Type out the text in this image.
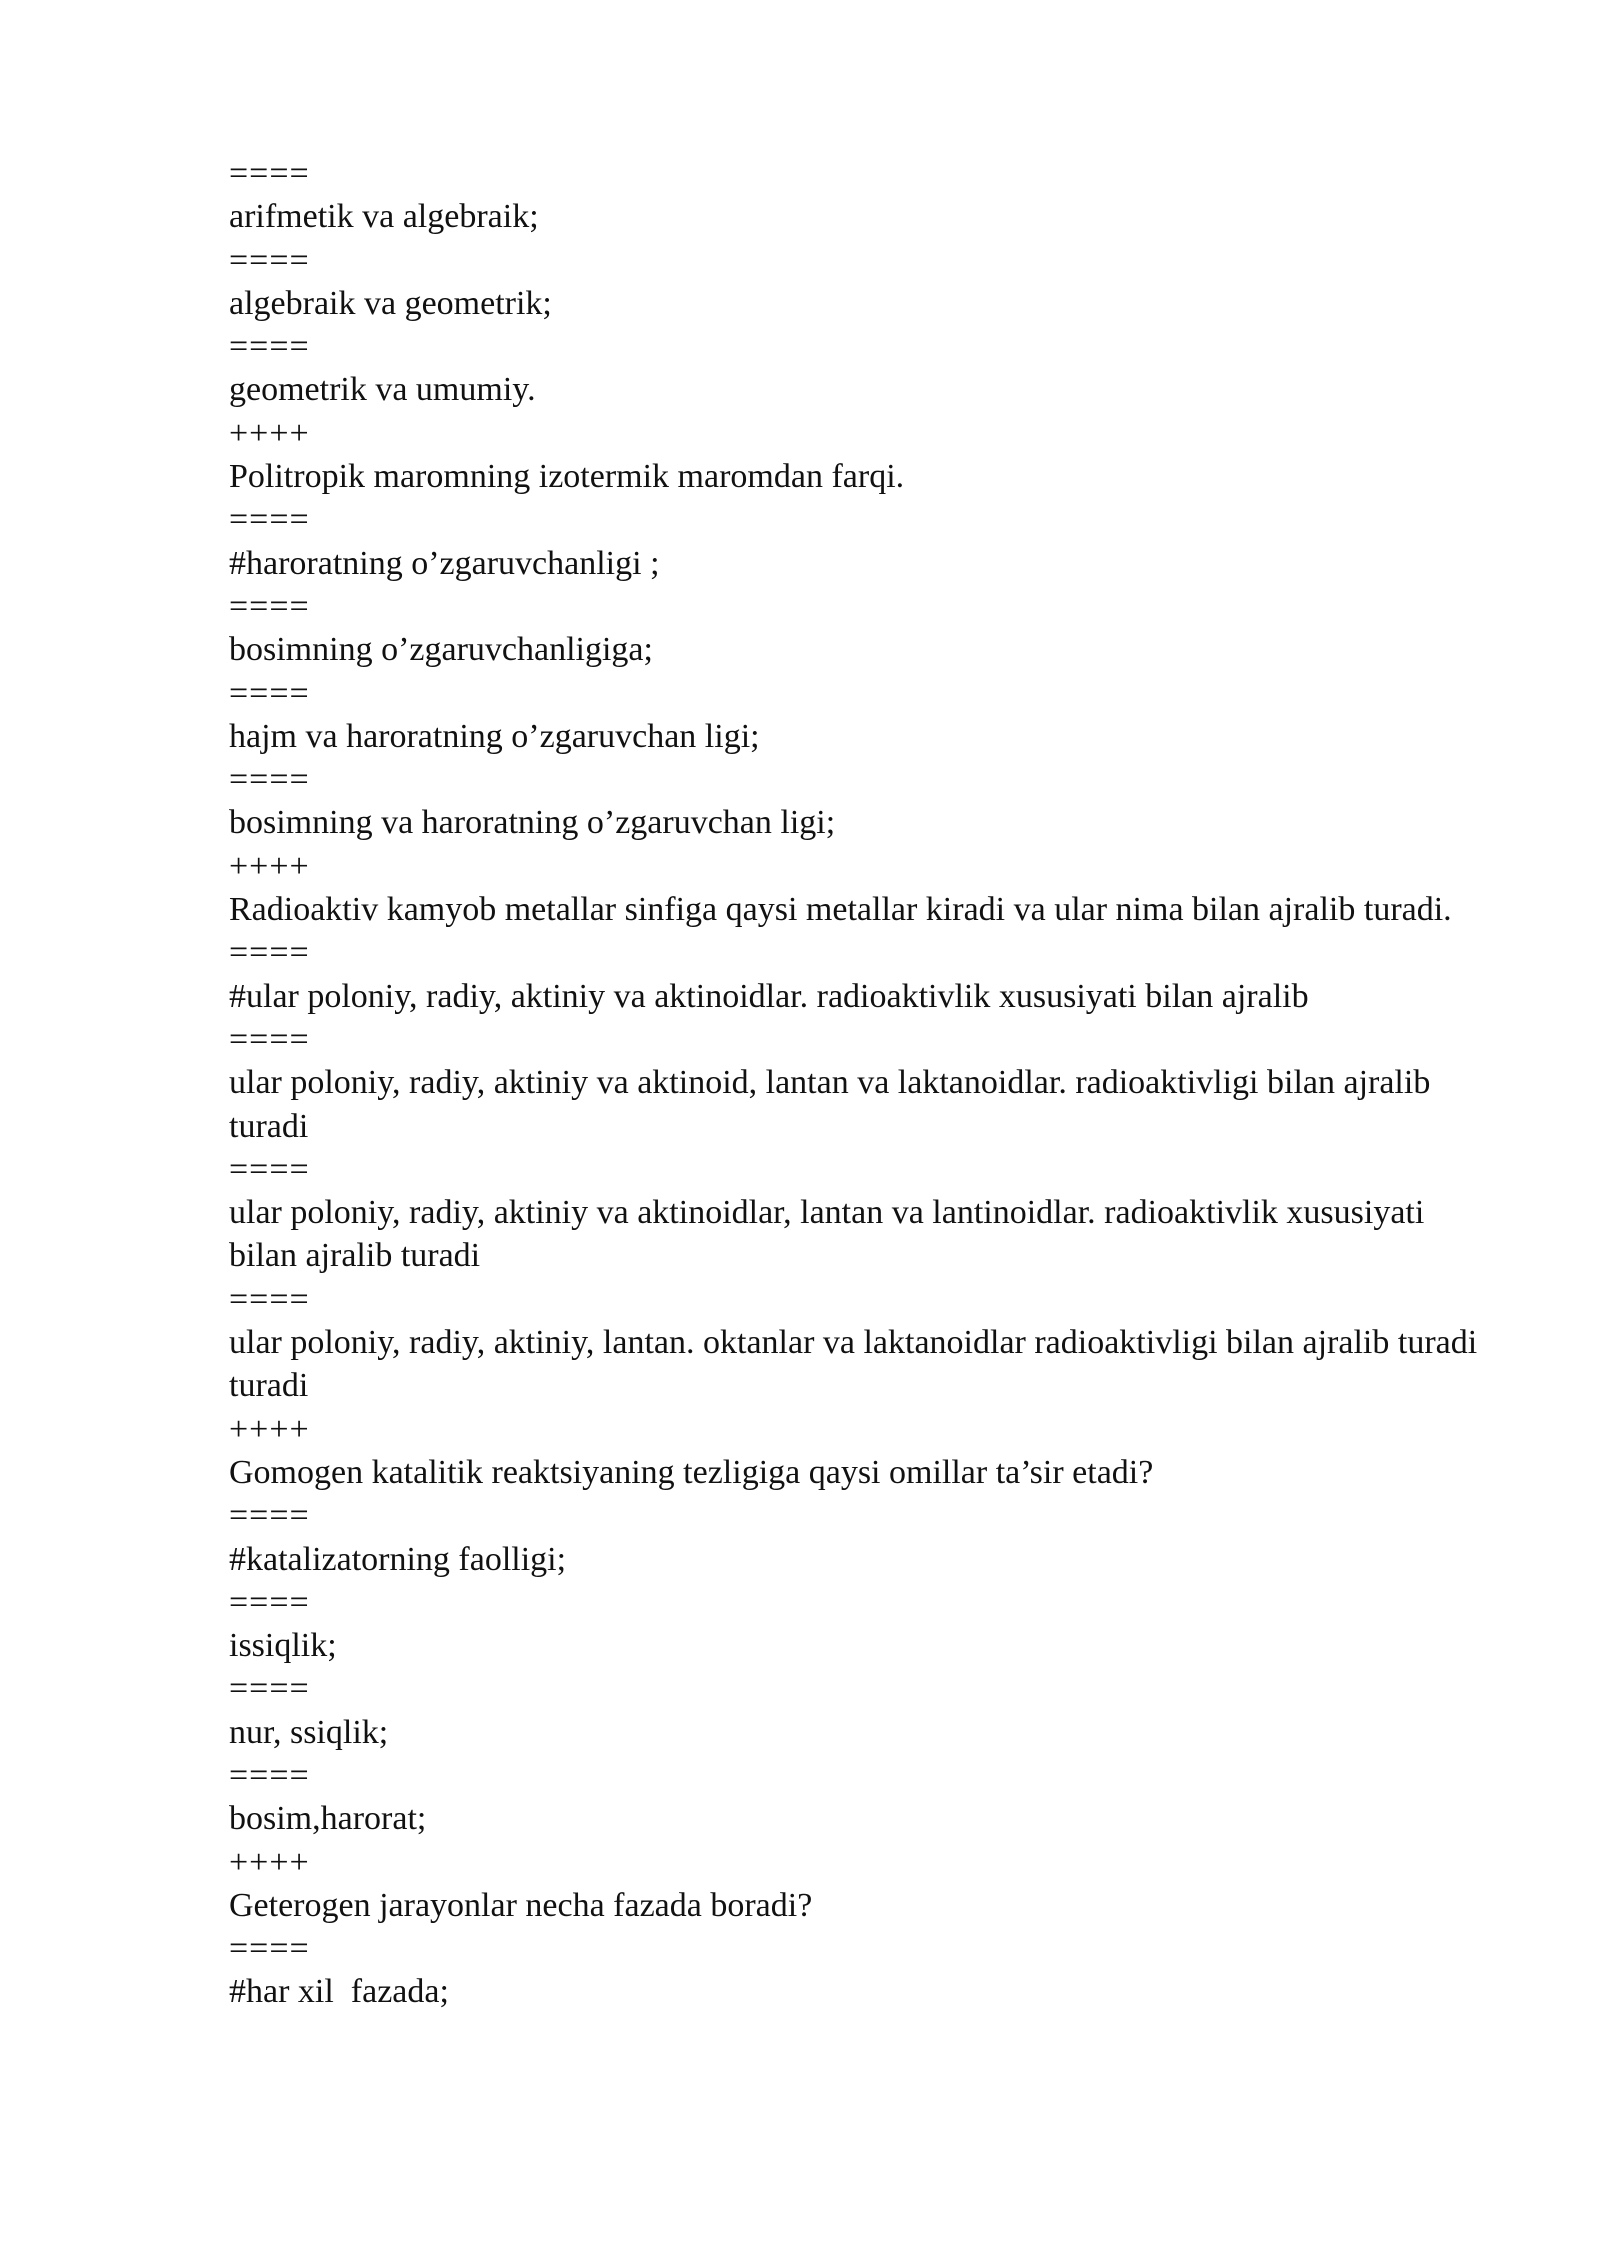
====

arifmetik va algebraik;

====

algebraik va geometrik;

====

geometrik va umumiy.

++++

Politropik maromning izotermik maromdan farqi.

====

#haroratning o’zgaruvchanligi ;

====

bosimning o’zgaruvchanligiga;

====

hajm va haroratning o’zgaruvchan ligi;

====

bosimning va haroratning o’zgaruvchan ligi;

++++

Radioaktiv kamyob metallar sinfiga qaysi metallar kiradi va ular nima bilan ajralib turadi.

====

#ular poloniy, radiy, aktiniy va aktinoidlar. radioaktivlik xususiyati bilan ajralib

====

ular poloniy, radiy, aktiniy va aktinoid, lantan va laktanoidlar. radioaktivligi bilan ajralib turadi

====

ular poloniy, radiy, aktiniy va aktinoidlar, lantan va lantinoidlar. radioaktivlik xususiyati bilan ajralib turadi

====

ular poloniy, radiy, aktiniy, lantan. oktanlar va laktanoidlar radioaktivligi bilan ajralib turadi

turadi

++++

Gomogen katalitik reaktsiyaning tezligiga qaysi omillar ta’sir etadi?

====

#katalizatorning faolligi;

====

issiqlik;

====

nur, ssiqlik;

====

bosim,harorat;

++++

Geterogen jarayonlar necha fazada boradi?

====

#har xil  fazada;
